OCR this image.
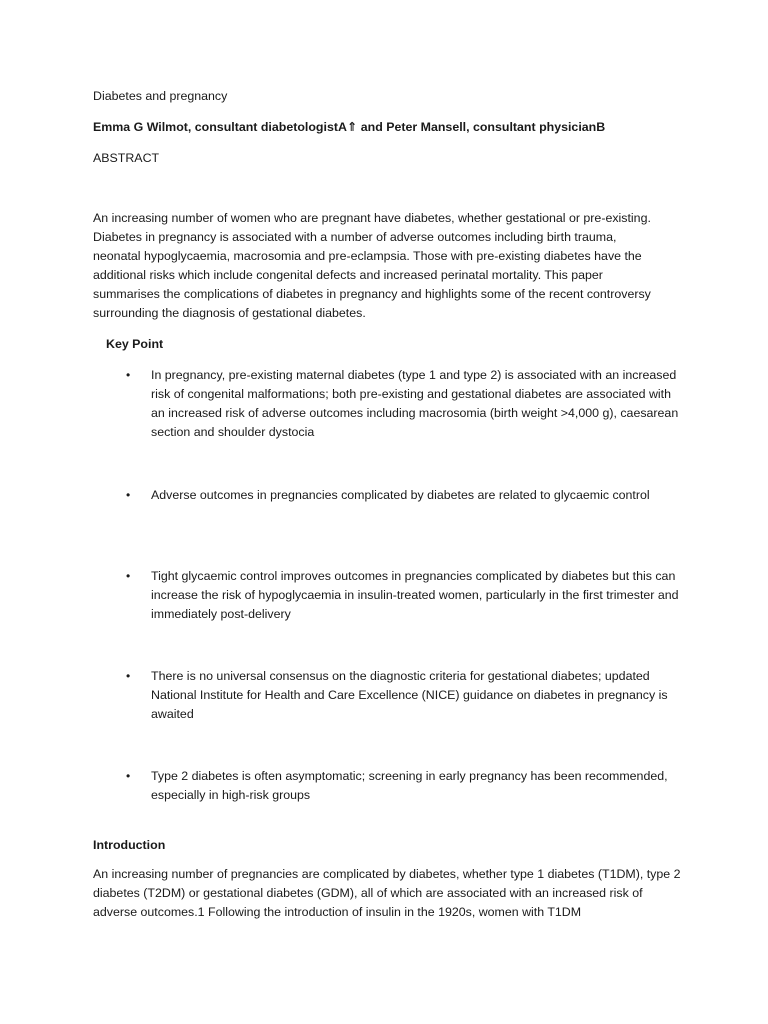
Diabetes and pregnancy
Emma G Wilmot, consultant diabetologistA⇑ and Peter Mansell, consultant physicianB
ABSTRACT

An increasing number of women who are pregnant have diabetes, whether gestational or pre-existing. Diabetes in pregnancy is associated with a number of adverse outcomes including birth trauma, neonatal hypoglycaemia, macrosomia and pre-eclampsia. Those with pre-existing diabetes have the additional risks which include congenital defects and increased perinatal mortality. This paper summarises the complications of diabetes in pregnancy and highlights some of the recent controversy surrounding the diagnosis of gestational diabetes.

Key Point
•	In pregnancy, pre-existing maternal diabetes (type 1 and type 2) is associated with an increased risk of congenital malformations; both pre-existing and gestational diabetes are associated with an increased risk of adverse outcomes including macrosomia (birth weight >4,000 g), caesarean section and shoulder dystocia
•	Adverse outcomes in pregnancies complicated by diabetes are related to glycaemic control
•	Tight glycaemic control improves outcomes in pregnancies complicated by diabetes but this can increase the risk of hypoglycaemia in insulin-treated women, particularly in the first trimester and immediately post-delivery
•	There is no universal consensus on the diagnostic criteria for gestational diabetes; updated National Institute for Health and Care Excellence (NICE) guidance on diabetes in pregnancy is awaited
•	Type 2 diabetes is often asymptomatic; screening in early pregnancy has been recommended, especially in high-risk groups
Introduction

An increasing number of pregnancies are complicated by diabetes, whether type 1 diabetes (T1DM), type 2 diabetes (T2DM) or gestational diabetes (GDM), all of which are associated with an increased risk of adverse outcomes.1 Following the introduction of insulin in the 1920s, women with T1DM
